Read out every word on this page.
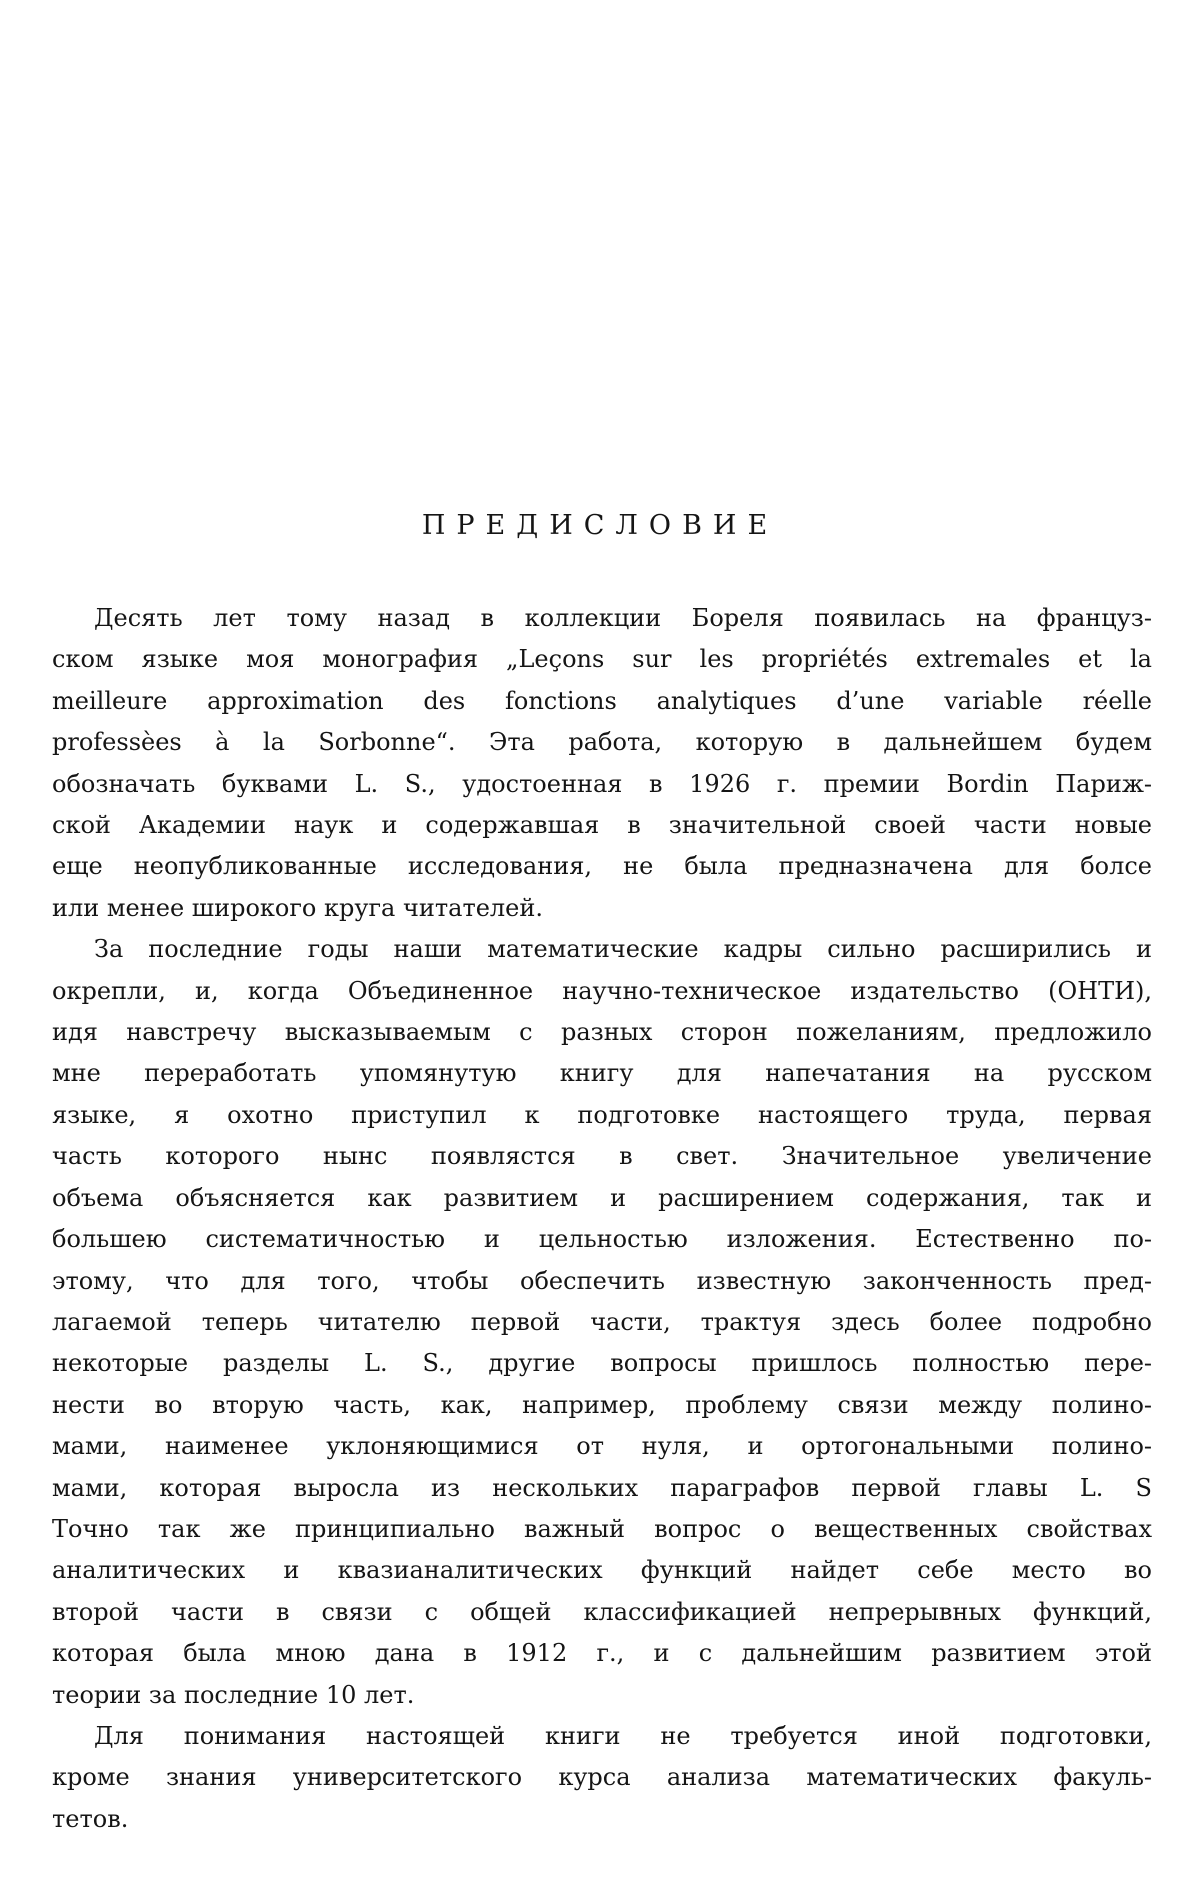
ПРЕДИСЛОВИЕ
Десять лет тому назад в коллекции Бореля появилась на француз-
ском языке моя монография „Leçons sur les propriétés extremales et la
meilleure approximation des fonctions analytiques d’une variable réelle
professèes à la Sorbonne“. Эта работа, которую в дальнейшем будем
обозначать буквами L. S., удостоенная в 1926 г. премии Bordin Париж-
ской Академии наук и содержавшая в значительной своей части новые
еще неопубликованные исследования, не была предназначена для болсе
или менее широкого круга читателей.
За последние годы наши математические кадры сильно расширились и
окрепли, и, когда Объединенное научно-техническое издательство (ОНТИ),
идя навстречу высказываемым с разных сторон пожеланиям, предложило
мне переработать упомянутую книгу для напечатания на русском
языке, я охотно приступил к подготовке настоящего труда, первая
часть которого нынс появлястся в свет. Значительное увеличение
объема объясняется как развитием и расширением содержания, так и
большею систематичностью и цельностью изложения. Естественно по-
этому, что для того, чтобы обеспечить известную законченность пред-
лагаемой теперь читателю первой части, трактуя здесь более подробно
некоторые разделы L. S., другие вопросы пришлось полностью пере-
нести во вторую часть, как, например, проблему связи между полино-
мами, наименее уклоняющимися от нуля, и ортогональными полино-
мами, которая выросла из нескольких параграфов первой главы L. S
Точно так же принципиально важный вопрос о вещественных свойствах
аналитических и квазианалитических функций найдет себе место во
второй части в связи с общей классификацией непрерывных функций,
которая была мною дана в 1912 г., и с дальнейшим развитием этой
теории за последние 10 лет.
Для понимания настоящей книги не требуется иной подготовки,
кроме знания университетского курса анализа математических факуль-
тетов.
